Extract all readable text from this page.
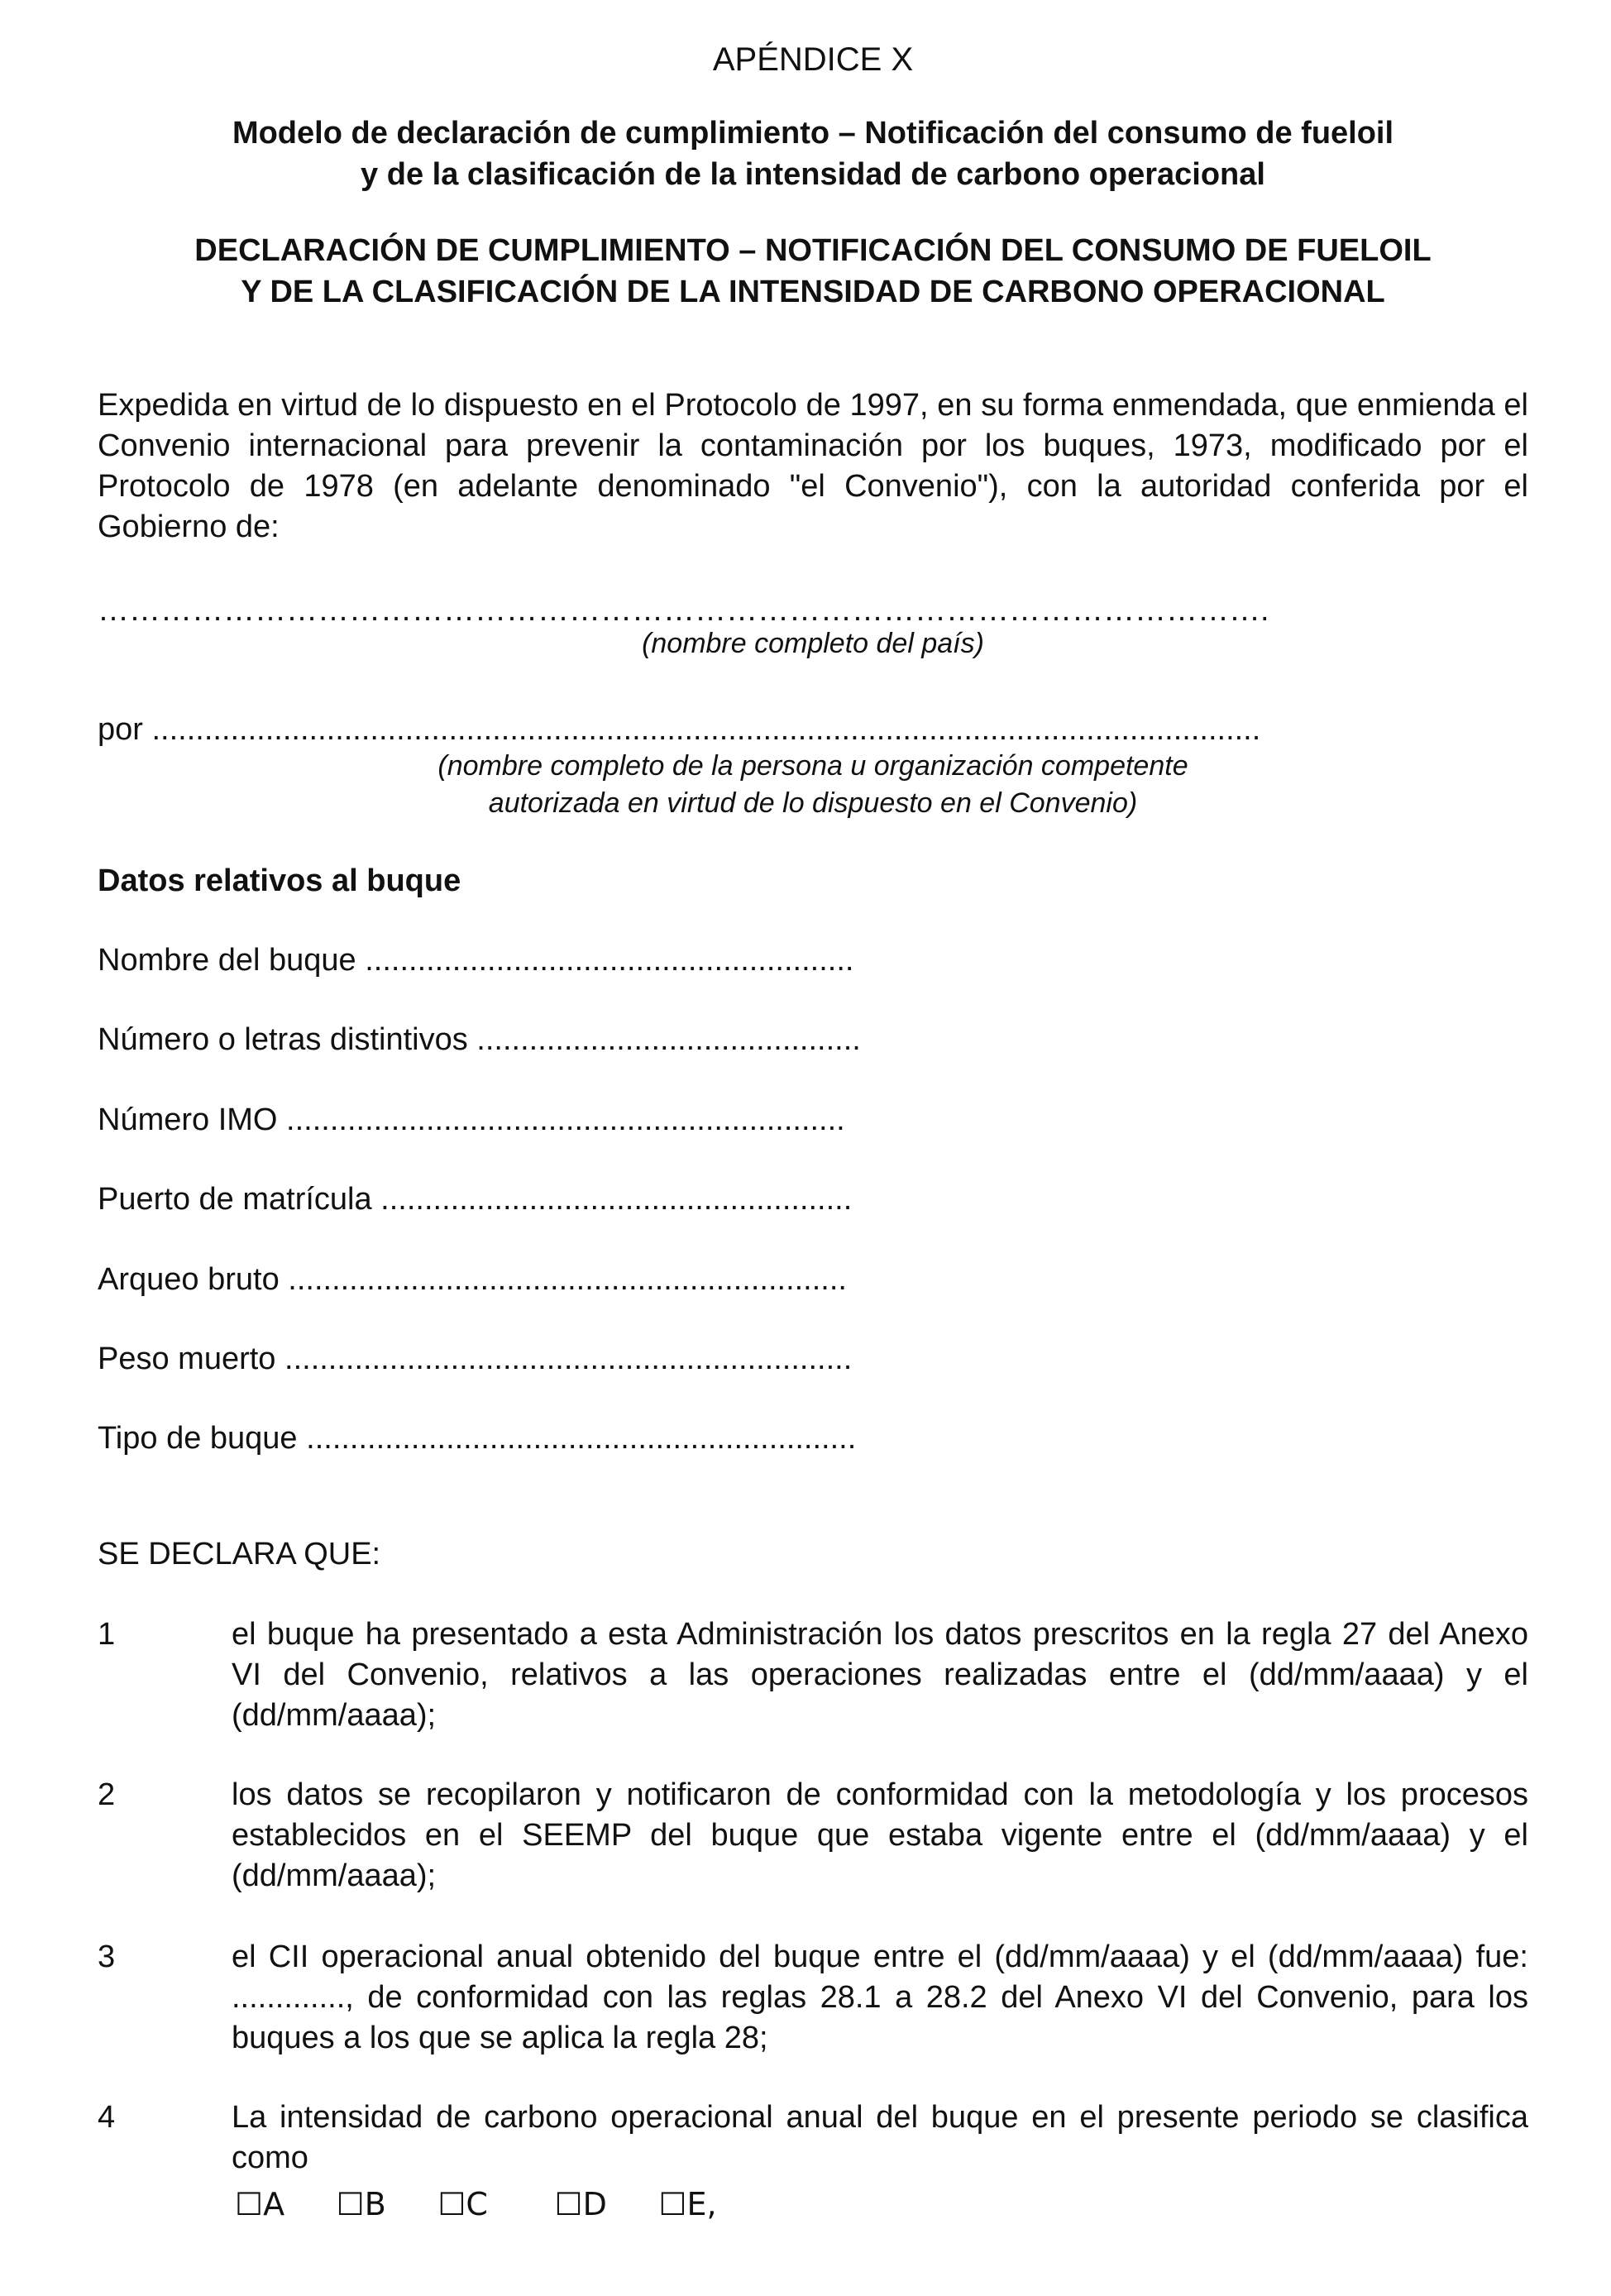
APÉNDICE X
Modelo de declaración de cumplimiento – Notificación del consumo de fueloil
y de la clasificación de la intensidad de carbono operacional
DECLARACIÓN DE CUMPLIMIENTO – NOTIFICACIÓN DEL CONSUMO DE FUELOIL
Y DE LA CLASIFICACIÓN DE LA INTENSIDAD DE CARBONO OPERACIONAL
Expedida en virtud de lo dispuesto en el Protocolo de 1997, en su forma enmendada, que enmienda el Convenio internacional para prevenir la contaminación por los buques, 1973, modificado por el Protocolo de 1978 (en adelante denominado "el Convenio"), con la autoridad conferida por el Gobierno de:
………………………………………………………………………………………………….
(nombre completo del país)
por ...............................................................................................................................
(nombre completo de la persona u organización competente
autorizada en virtud de lo dispuesto en el Convenio)
Datos relativos al buque
Nombre del buque ........................................................
Número o letras distintivos ............................................
Número IMO ................................................................
Puerto de matrícula ......................................................
Arqueo bruto ................................................................
Peso muerto .................................................................
Tipo de buque ...............................................................
SE DECLARA QUE:
1	el buque ha presentado a esta Administración los datos prescritos en la regla 27 del Anexo VI del Convenio, relativos a las operaciones realizadas entre el (dd/mm/aaaa) y el (dd/mm/aaaa);
2	los datos se recopilaron y notificaron de conformidad con la metodología y los procesos establecidos en el SEEMP del buque que estaba vigente entre el (dd/mm/aaaa) y el (dd/mm/aaaa);
3	el CII operacional anual obtenido del buque entre el (dd/mm/aaaa) y el (dd/mm/aaaa) fue: ............., de conformidad con las reglas 28.1 a 28.2 del Anexo VI del Convenio, para los buques a los que se aplica la regla 28;
4	La intensidad de carbono operacional anual del buque en el presente periodo se clasifica como
☐A ☐B ☐C ☐D ☐E,
